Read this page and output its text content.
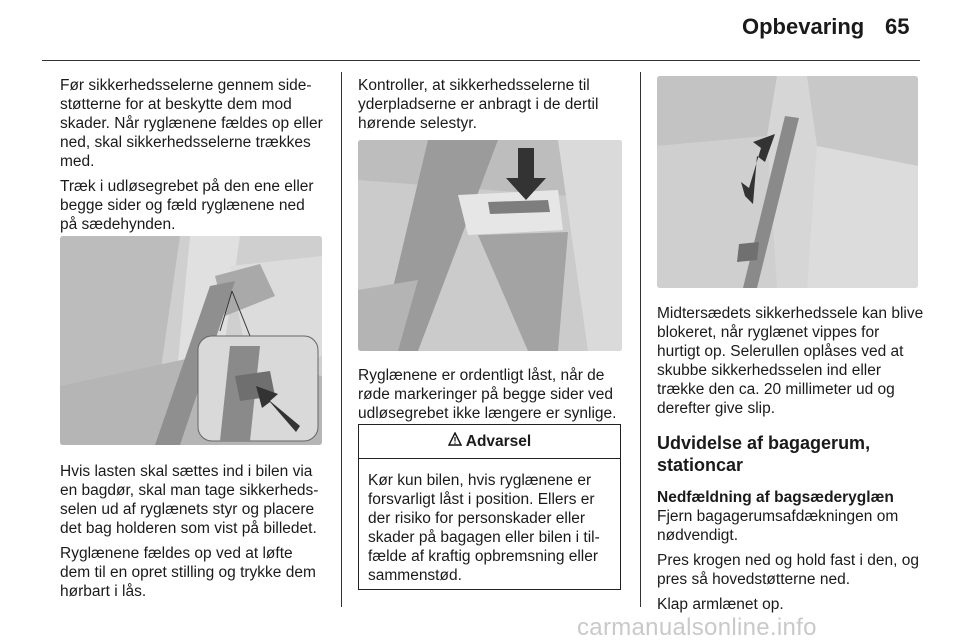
Opbevaring 65

Før sikkerhedsselerne gennem side-støtterne for at beskytte dem mod skader. Når ryglænene fældes op eller ned, skal sikkerhedsselerne trækkes med.

Træk i udløsegrebet på den ene eller begge sider og fæld ryglænene ned på sædehynden.

Hvis lasten skal sættes ind i bilen via en bagdør, skal man tage sikkerheds-selen ud af ryglænets styr og placere det bag holderen som vist på billedet.

Ryglænene fældes op ved at løfte dem til en opret stilling og trykke dem hørbart i lås.

Kontroller, at sikkerhedsselerne til yderpladserne er anbragt i de dertil hørende selestyr.

Ryglænene er ordentligt låst, når de røde markeringer på begge sider ved udløsegrebet ikke længere er synlige.

Advarsel
Kør kun bilen, hvis ryglænene er forsvarligt låst i position. Ellers er der risiko for personskader eller skader på bagagen eller bilen i til-fælde af kraftig opbremsning eller sammenstød.

Midtersædets sikkerhedssele kan blive blokeret, når ryglænet vippes for hurtigt op. Selerullen oplåses ved at skubbe sikkerhedsselen ind eller trække den ca. 20 millimeter ud og derefter give slip.

Udvidelse af bagagerum, stationcar
Nedfældning af bagsæderyglæn

Fjern bagagerumsafdækningen om nødvendigt.

Pres krogen ned og hold fast i den, og pres så hovedstøtterne ned.

Klap armlænet op.

carmanualsonline.info
